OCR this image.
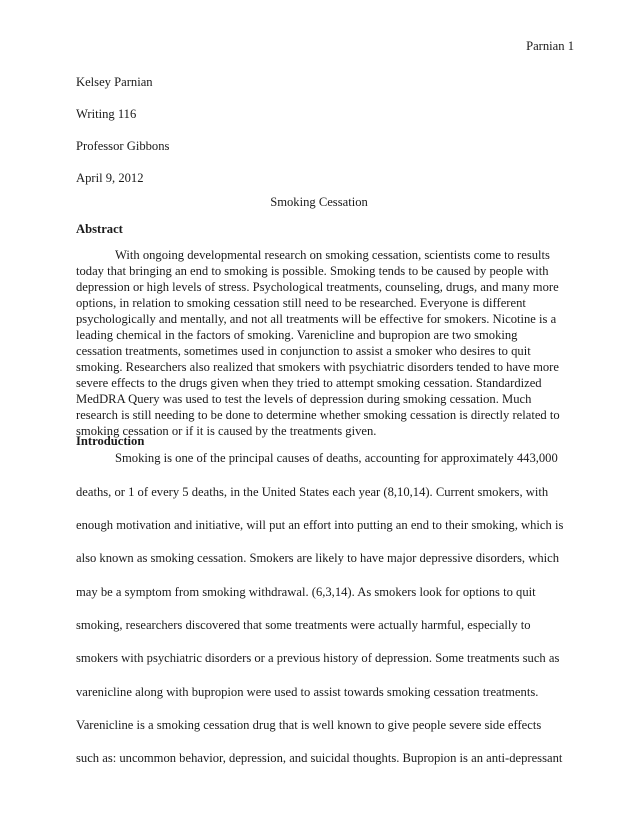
Parnian 1
Kelsey Parnian
Writing 116
Professor Gibbons
April 9, 2012
Smoking Cessation
Abstract
With ongoing developmental research on smoking cessation, scientists come to results
today that bringing an end to smoking is possible. Smoking tends to be caused by people with
depression or high levels of stress. Psychological treatments, counseling, drugs, and many more
options, in relation to smoking cessation still need to be researched. Everyone is different
psychologically and mentally, and not all treatments will be effective for smokers. Nicotine is a
leading chemical in the factors of smoking. Varenicline and bupropion are two smoking
cessation treatments, sometimes used in conjunction to assist a smoker who desires to quit
smoking. Researchers also realized that smokers with psychiatric disorders tended to have more
severe effects to the drugs given when they tried to attempt smoking cessation. Standardized
MedDRA Query was used to test the levels of depression during smoking cessation. Much
research is still needing to be done to determine whether smoking cessation is directly related to
smoking cessation or if it is caused by the treatments given.
Introduction
Smoking is one of the principal causes of deaths, accounting for approximately 443,000
deaths, or 1 of every 5 deaths, in the United States each year (8,10,14). Current smokers, with
enough motivation and initiative, will put an effort into putting an end to their smoking, which is
also known as smoking cessation. Smokers are likely to have major depressive disorders, which
may be a symptom from smoking withdrawal. (6,3,14). As smokers look for options to quit
smoking, researchers discovered that some treatments were actually harmful, especially to
smokers with psychiatric disorders or a previous history of depression. Some treatments such as
varenicline along with bupropion were used to assist towards smoking cessation treatments.
Varenicline is a smoking cessation drug that is well known to give people severe side effects
such as: uncommon behavior, depression, and suicidal thoughts. Bupropion is an anti-depressant
